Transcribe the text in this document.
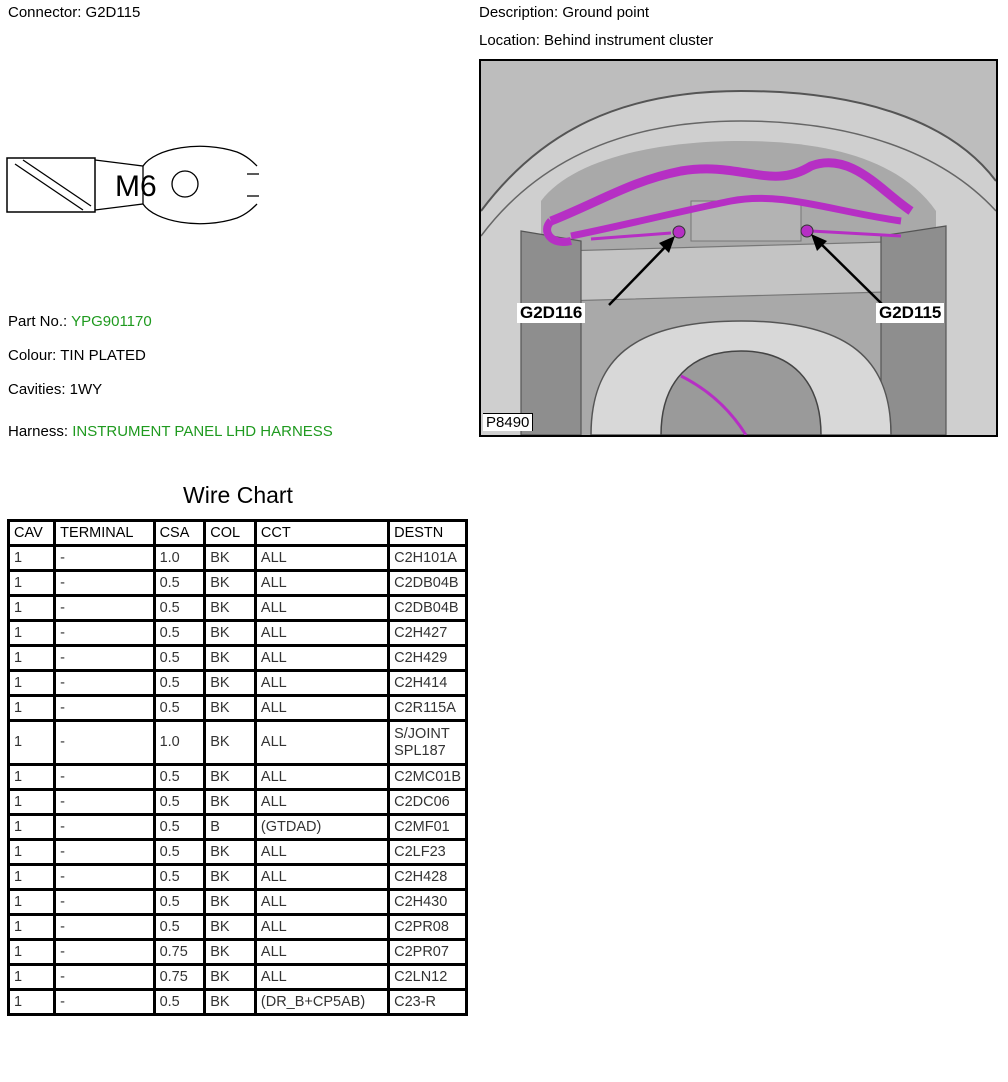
Connector: G2D115	Description: Ground point
Location: Behind instrument cluster
M6
Part No.: YPG901170
Colour: TIN PLATED
Cavities: 1WY
Harness: INSTRUMENT PANEL LHD HARNESS
G2D116	G2D115
P8490
Wire Chart
CAV	TERMINAL	CSA	COL	CCT	DESTN
1	-	1.0	BK	ALL	C2H101A
1	-	0.5	BK	ALL	C2DB04B
1	-	0.5	BK	ALL	C2DB04B
1	-	0.5	BK	ALL	C2H427
1	-	0.5	BK	ALL	C2H429
1	-	0.5	BK	ALL	C2H414
1	-	0.5	BK	ALL	C2R115A
1	-	1.0	BK	ALL	S/JOINT SPL187
1	-	0.5	BK	ALL	C2MC01B
1	-	0.5	BK	ALL	C2DC06
1	-	0.5	B	(GTDAD)	C2MF01
1	-	0.5	BK	ALL	C2LF23
1	-	0.5	BK	ALL	C2H428
1	-	0.5	BK	ALL	C2H430
1	-	0.5	BK	ALL	C2PR08
1	-	0.75	BK	ALL	C2PR07
1	-	0.75	BK	ALL	C2LN12
1	-	0.5	BK	(DR_B+CP5AB)	C23-R
